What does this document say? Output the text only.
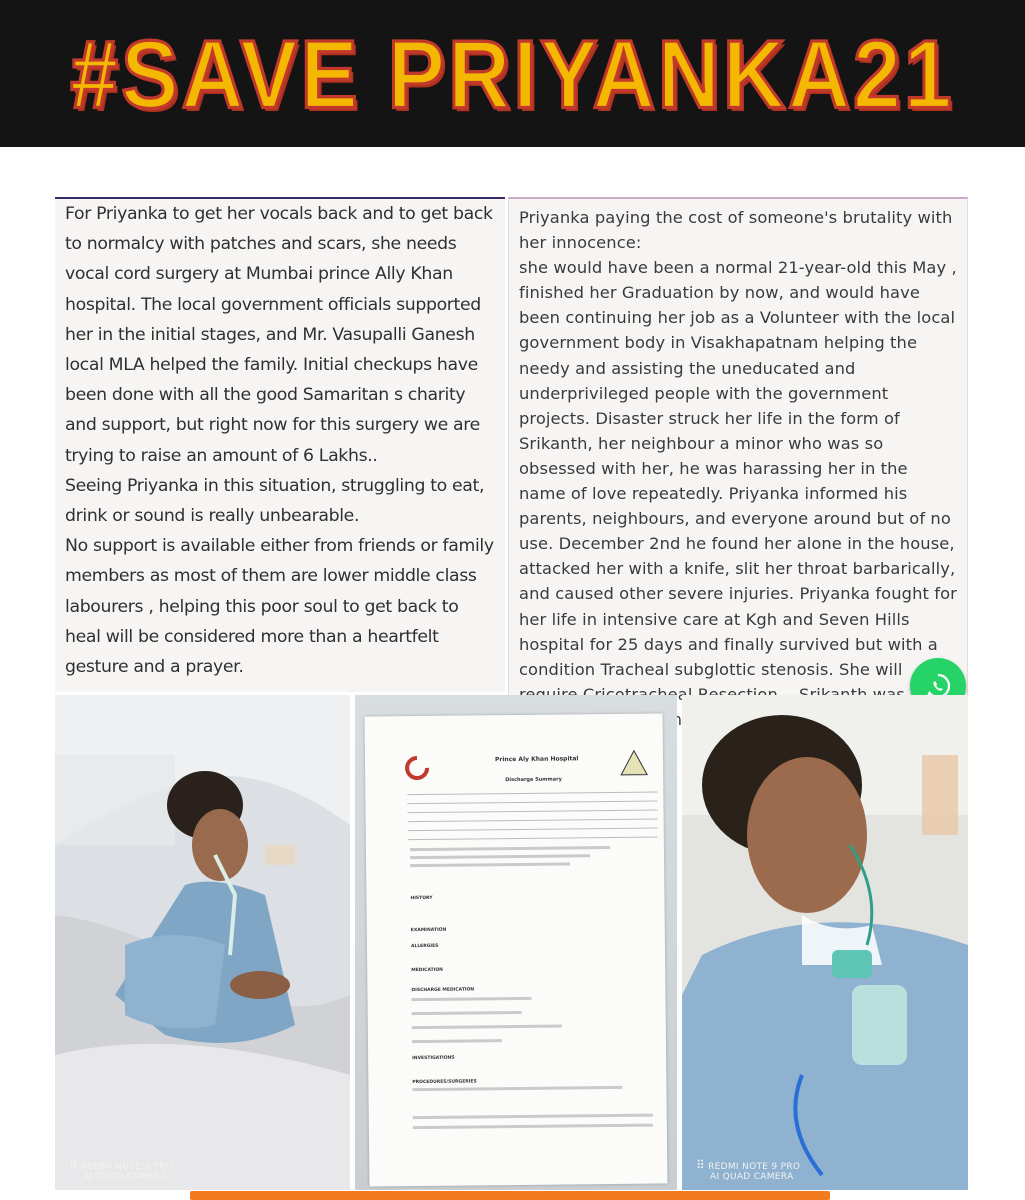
#SAVE PRIYANKA21

For Priyanka to get her vocals back and to get back to normalcy with patches and scars, she needs vocal cord surgery at Mumbai prince Ally Khan hospital. The local government officials supported her in the initial stages, and Mr. Vasupalli Ganesh local MLA helped the family. Initial checkups have been done with all the good Samaritan s charity and support, but right now for this surgery we are trying to raise an amount of 6 Lakhs..

Seeing Priyanka in this situation, struggling to eat, drink or sound is really unbearable.

No support is available either from friends or family members as most of them are lower middle class labourers , helping this poor soul to get back to heal will be considered more than a heartfelt gesture and a prayer.

Priyanka paying the cost of someone's brutality with her innocence:

she would have been a normal 21-year-old this May , finished her Graduation by now, and would have been continuing her job as a Volunteer with the local government body in Visakhapatnam helping the needy and assisting the uneducated and underprivileged people with the government projects. Disaster struck her life in the form of Srikanth, her neighbour a minor who was so obsessed with her, he was harassing her in the name of love repeatedly. Priyanka informed his parents, neighbours, and everyone around but of no use. December 2nd he found her alone in the house, attacked her with a knife, slit her throat barbarically, and caused other severe injuries. Priyanka fought for her life in intensive care at Kgh and Seven Hills hospital for 25 days and finally survived but with a condition Tracheal subglottic stenosis. She will

⠿ REDMI NOTE 9 PRO
AI QUAD CAMERA
Prince Aly Khan Hospital
Discharge Summary
HISTORY
EXAMINATION
ALLERGIES
MEDICATION
DISCHARGE MEDICATION
INVESTIGATIONS
PROCEDURES/SURGERIES
⠿ REDMI NOTE 9 PRO
AI QUAD CAMERA
